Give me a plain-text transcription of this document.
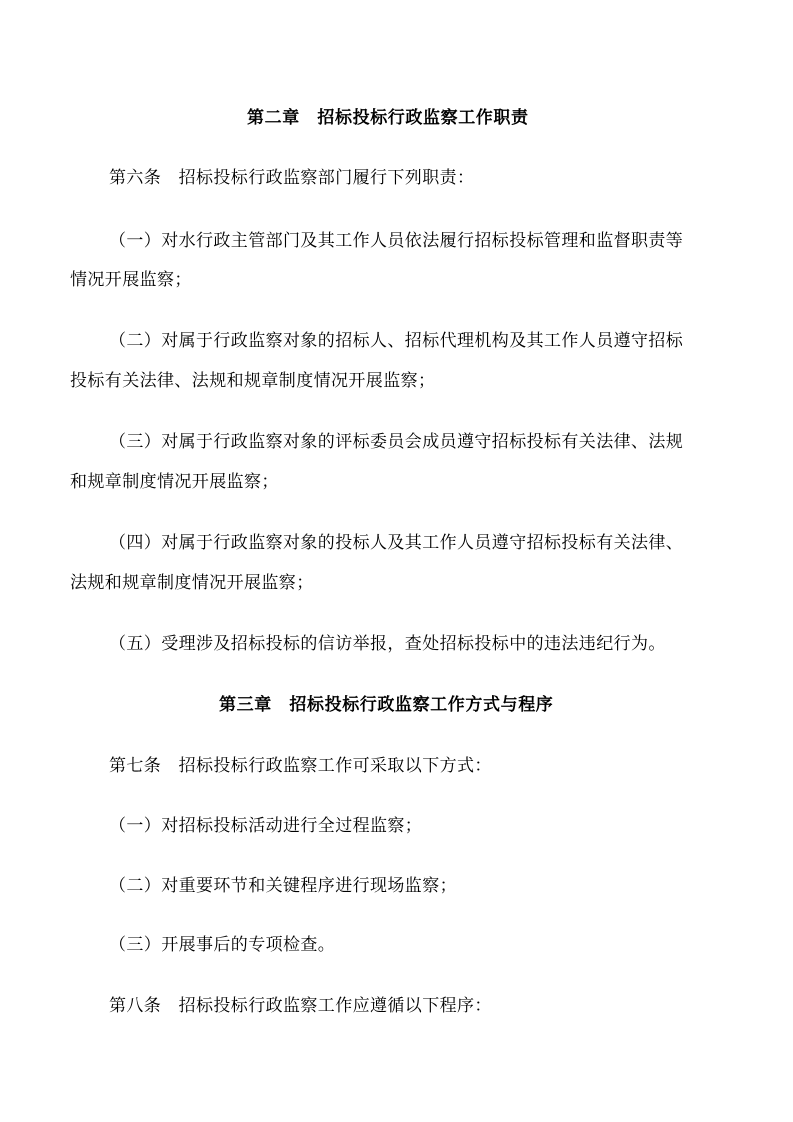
第二章　招标投标行政监察工作职责
第六条　招标投标行政监察部门履行下列职责：
（一）对水行政主管部门及其工作人员依法履行招标投标管理和监督职责等
情况开展监察；
（二）对属于行政监察对象的招标人、招标代理机构及其工作人员遵守招标
投标有关法律、法规和规章制度情况开展监察；
（三）对属于行政监察对象的评标委员会成员遵守招标投标有关法律、法规
和规章制度情况开展监察；
（四）对属于行政监察对象的投标人及其工作人员遵守招标投标有关法律、
法规和规章制度情况开展监察；
（五）受理涉及招标投标的信访举报，查处招标投标中的违法违纪行为。
第三章　招标投标行政监察工作方式与程序
第七条　招标投标行政监察工作可采取以下方式：
（一）对招标投标活动进行全过程监察；
（二）对重要环节和关键程序进行现场监察；
（三）开展事后的专项检查。
第八条　招标投标行政监察工作应遵循以下程序：
